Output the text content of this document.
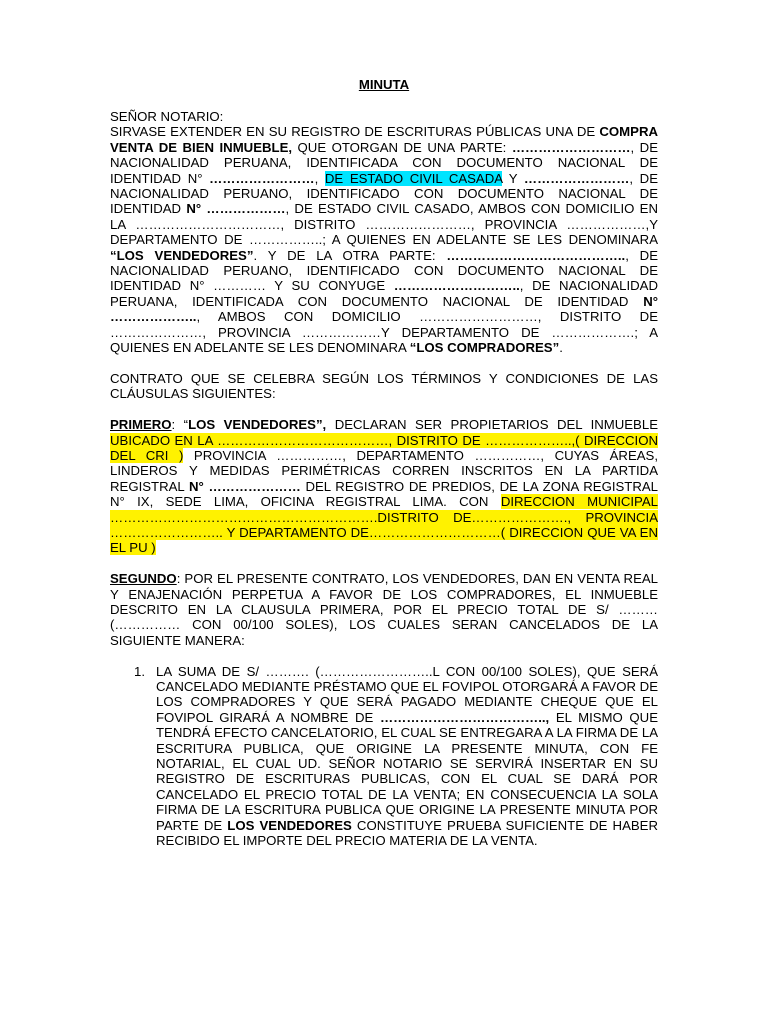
MINUTA

SEÑOR NOTARIO:

SIRVASE EXTENDER EN SU REGISTRO DE ESCRITURAS PÚBLICAS UNA DE COMPRA VENTA DE BIEN INMUEBLE, QUE OTORGAN DE UNA PARTE: ………………………, DE NACIONALIDAD PERUANA, IDENTIFICADA CON DOCUMENTO NACIONAL DE IDENTIDAD N° ……………………, DE ESTADO CIVIL CASADA Y ……………………, DE NACIONALIDAD PERUANO, IDENTIFICADO CON DOCUMENTO NACIONAL DE IDENTIDAD N° ………………, DE ESTADO CIVIL CASADO, AMBOS CON DOMICILIO EN LA ……………………………, DISTRITO ……………………, PROVINCIA ………………,Y DEPARTAMENTO DE ……………..; A QUIENES EN ADELANTE SE LES DENOMINARA “LOS VENDEDORES”. Y DE LA OTRA PARTE: ………………………………….., DE NACIONALIDAD PERUANO, IDENTIFICADO CON DOCUMENTO NACIONAL DE IDENTIDAD N° ………… Y SU CONYUGE ……………………….., DE NACIONALIDAD PERUANA, IDENTIFICADA CON DOCUMENTO NACIONAL DE IDENTIDAD N° ……………….., AMBOS CON DOMICILIO ………………………, DISTRITO DE …………………, PROVINCIA ………………Y DEPARTAMENTO DE ……………….; A QUIENES EN ADELANTE SE LES DENOMINARA “LOS COMPRADORES”.

CONTRATO QUE SE CELEBRA SEGÚN LOS TÉRMINOS Y CONDICIONES DE LAS CLÁUSULAS SIGUIENTES:

PRIMERO: “LOS VENDEDORES”, DECLARAN SER PROPIETARIOS DEL INMUEBLE UBICADO EN LA …………………………………, DISTRITO DE ………………..,( DIRECCION DEL CRI ) PROVINCIA ……………, DEPARTAMENTO ……………, CUYAS ÁREAS, LINDEROS Y MEDIDAS PERIMÉTRICAS CORREN INSCRITOS EN LA PARTIDA REGISTRAL N° ………………… DEL REGISTRO DE PREDIOS, DE LA ZONA REGISTRAL N° IX, SEDE LIMA, OFICINA REGISTRAL LIMA. CON DIRECCION MUNICIPAL …………………………………………………….DISTRITO DE…………………., PROVINCIA …………………….. Y DEPARTAMENTO DE…………………………( DIRECCION QUE VA EN EL PU )

SEGUNDO: POR EL PRESENTE CONTRATO, LOS VENDEDORES, DAN EN VENTA REAL Y ENAJENACIÓN PERPETUA A FAVOR DE LOS COMPRADORES, EL INMUEBLE DESCRITO EN LA CLAUSULA PRIMERA, POR EL PRECIO TOTAL DE S/ ……… (…………… CON 00/100 SOLES), LOS CUALES SERAN CANCELADOS DE LA SIGUIENTE MANERA:

1. LA SUMA DE S/ ………. (……………………..L CON 00/100 SOLES), QUE SERÁ CANCELADO MEDIANTE PRÉSTAMO QUE EL FOVIPOL OTORGARÁ A FAVOR DE LOS COMPRADORES Y QUE SERÁ PAGADO MEDIANTE CHEQUE QUE EL FOVIPOL GIRARÁ A NOMBRE DE ……………………………….., EL MISMO QUE TENDRÁ EFECTO CANCELATORIO, EL CUAL SE ENTREGARA A LA FIRMA DE LA ESCRITURA PUBLICA, QUE ORIGINE LA PRESENTE MINUTA, CON FE NOTARIAL, EL CUAL UD. SEÑOR NOTARIO SE SERVIRÁ INSERTAR EN SU REGISTRO DE ESCRITURAS PUBLICAS, CON EL CUAL SE DARÁ POR CANCELADO EL PRECIO TOTAL DE LA VENTA; EN CONSECUENCIA LA SOLA FIRMA DE LA ESCRITURA PUBLICA QUE ORIGINE LA PRESENTE MINUTA POR PARTE DE LOS VENDEDORES CONSTITUYE PRUEBA SUFICIENTE DE HABER RECIBIDO EL IMPORTE DEL PRECIO MATERIA DE LA VENTA.
